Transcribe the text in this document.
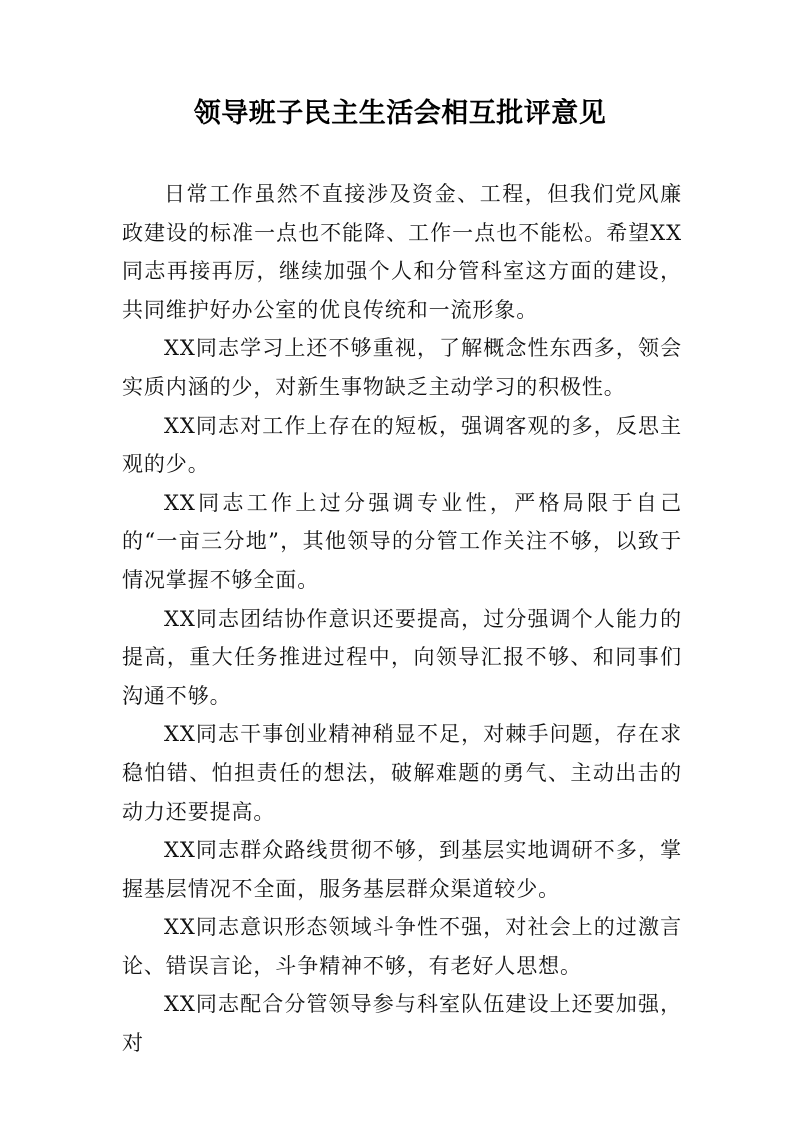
领导班子民主生活会相互批评意见

日常工作虽然不直接涉及资金、工程，但我们党风廉政建设的标准一点也不能降、工作一点也不能松。希望XX同志再接再厉，继续加强个人和分管科室这方面的建设，共同维护好办公室的优良传统和一流形象。

XX同志学习上还不够重视，了解概念性东西多，领会实质内涵的少，对新生事物缺乏主动学习的积极性。

XX同志对工作上存在的短板，强调客观的多，反思主观的少。

XX同志工作上过分强调专业性，严格局限于自己的“一亩三分地”，其他领导的分管工作关注不够，以致于情况掌握不够全面。

XX同志团结协作意识还要提高，过分强调个人能力的提高，重大任务推进过程中，向领导汇报不够、和同事们沟通不够。

XX同志干事创业精神稍显不足，对棘手问题，存在求稳怕错、怕担责任的想法，破解难题的勇气、主动出击的动力还要提高。

XX同志群众路线贯彻不够，到基层实地调研不多，掌握基层情况不全面，服务基层群众渠道较少。

XX同志意识形态领域斗争性不强，对社会上的过激言论、错误言论，斗争精神不够，有老好人思想。

XX同志配合分管领导参与科室队伍建设上还要加强，对
